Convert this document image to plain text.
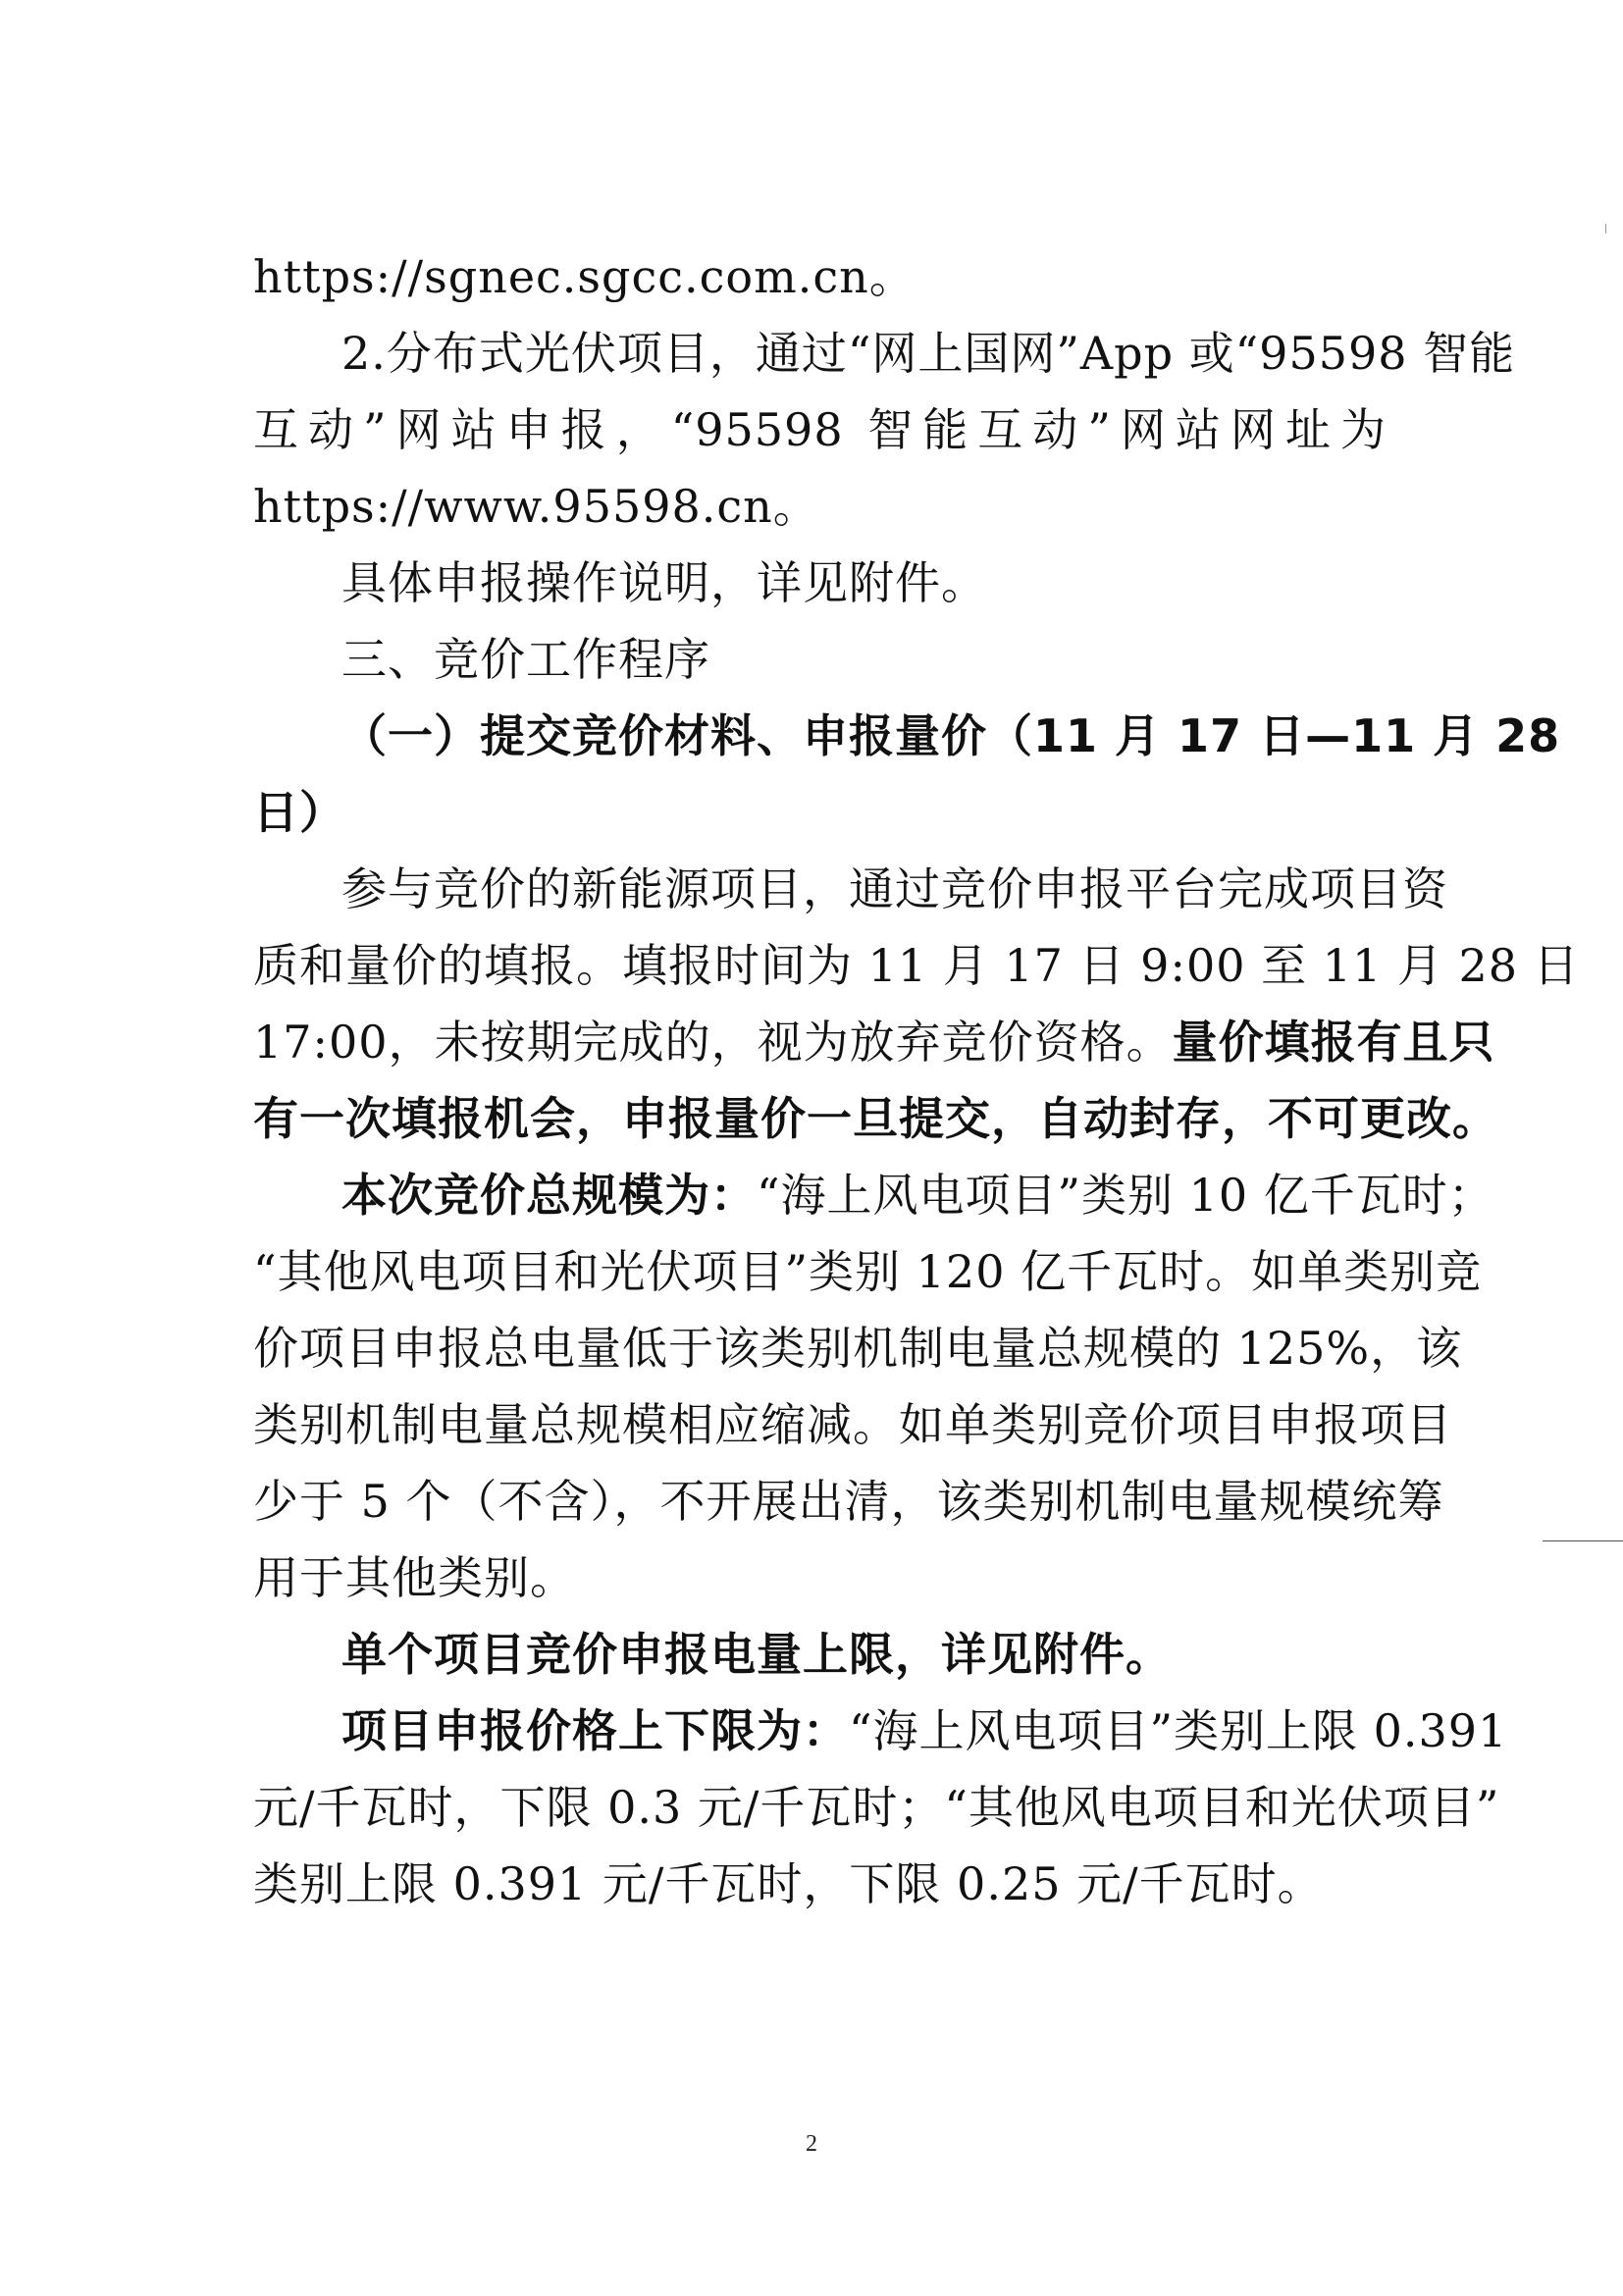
https://sgnec.sgcc.com.cn。
2.分布式光伏项目，通过“网上国网”App 或“95598 智能
互动”网站申报，“95598 智能互动”网站网址为
https://www.95598.cn。
具体申报操作说明，详见附件。
三、竞价工作程序
（一）提交竞价材料、申报量价（11 月 17 日—11 月 28
日）
参与竞价的新能源项目，通过竞价申报平台完成项目资
质和量价的填报。填报时间为 11 月 17 日 9:00 至 11 月 28 日
17:00，未按期完成的，视为放弃竞价资格。量价填报有且只
有一次填报机会，申报量价一旦提交，自动封存，不可更改。
本次竞价总规模为：“海上风电项目”类别 10 亿千瓦时；
“其他风电项目和光伏项目”类别 120 亿千瓦时。如单类别竞
价项目申报总电量低于该类别机制电量总规模的 125%，该
类别机制电量总规模相应缩减。如单类别竞价项目申报项目
少于 5 个（不含），不开展出清，该类别机制电量规模统筹
用于其他类别。
单个项目竞价申报电量上限，详见附件。
项目申报价格上下限为：“海上风电项目”类别上限 0.391
元/千瓦时，下限 0.3 元/千瓦时；“其他风电项目和光伏项目”
类别上限 0.391 元/千瓦时，下限 0.25 元/千瓦时。
2
